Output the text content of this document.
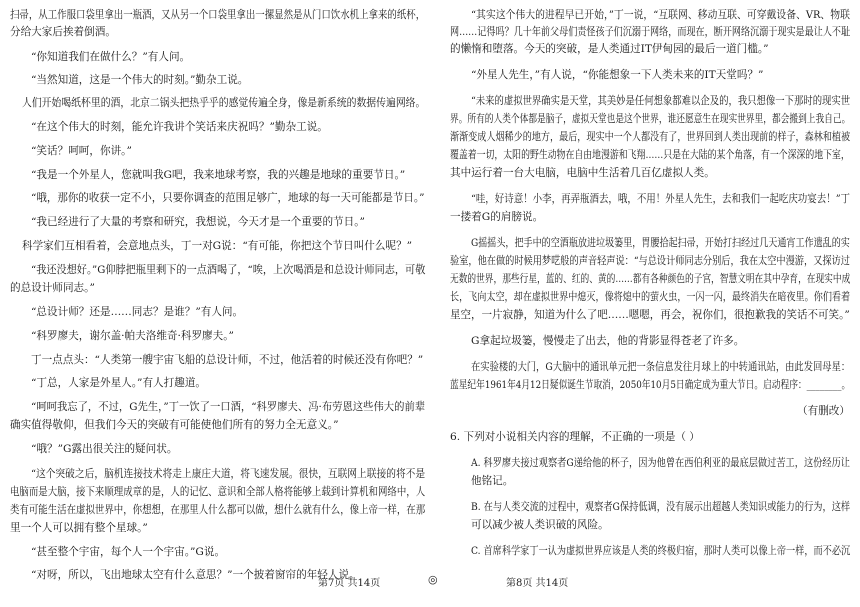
扫帚，从工作服口袋里拿出一瓶酒，又从另一个口袋里拿出一摞显然是从门口饮水机上拿来的纸杯，
分给大家后挨着倒酒。
“你知道我们在做什么？”有人问。
“当然知道，这是一个伟大的时刻。”勤杂工说。
人们开始喝纸杯里的酒，北京二锅头把热乎乎的感觉传遍全身，像是新系统的数据传遍网络。
“在这个伟大的时刻，能允许我讲个笑话来庆祝吗？”勤杂工说。
“笑话？呵呵，你讲。”
“我是一个外星人，您就叫我G吧，我来地球考察，我的兴趣是地球的重要节日。”
“哦，那你的收获一定不小，只要你调查的范围足够广，地球的每一天可能都是节日。”
“我已经进行了大量的考察和研究，我想说，今天才是一个重要的节日。”
科学家们互相看着，会意地点头，丁一对G说：“有可能，你把这个节日叫什么呢？”
“我还没想好。”G仰脖把瓶里剩下的一点酒喝了，“唉，上次喝酒是和总设计师同志，可敬
的总设计师同志。”
“总设计师？还是……同志？是谁？”有人问。
“科罗廖夫，谢尔盖·帕夫洛维奇·科罗廖夫。”
丁一点点头：“人类第一艘宇宙飞船的总设计师，不过，他活着的时候还没有你吧？”
“丁总，人家是外星人。”有人打趣道。
“呵呵我忘了，不过，G先生，”丁一饮了一口酒，“科罗廖夫、冯·布劳恩这些伟大的前辈
确实值得敬仰，但我们今天的突破有可能使他们所有的努力全无意义。”
“哦？”G露出很关注的疑问状。
“这个突破之后，脑机连接技术将走上康庄大道，将飞速发展。很快，互联网上联接的将不是
电脑而是大脑，接下来顺理成章的是，人的记忆、意识和全部人格将能够上载到计算机和网络中，人
类有可能生活在虚拟世界中，你想想，在那里人什么都可以做，想什么就有什么，像上帝一样，在那
里一个人可以拥有整个星球。”
“甚至整个宇宙，每个人一个宇宙。”G说。
“对呀，所以，飞出地球太空有什么意思？”一个披着窗帘的年轻人说。
“其实这个伟大的进程早已开始，”丁一说，“互联网、移动互联、可穿戴设备、VR、物联
网……记得吗？几十年前父母们责怪孩子们沉溺于网络，而现在，断开网络沉溺于现实是最让人不耻
的懒惰和堕落。今天的突破，是人类通过IT伊甸园的最后一道门槛。”
“外星人先生，”有人说，“你能想象一下人类未来的IT天堂吗？”
“未来的虚拟世界确实是天堂，其美妙是任何想象都难以企及的，我只想像一下那时的现实世
界。所有的人类个体都是脑子，虚拟天堂也是这个世界，谁还愿意生在现实世界里，都会搬到上我自己。
渐渐变成人烟稀少的地方，最后，现实中一个人都没有了，世界回到人类出现前的样子，森林和植被
覆盖着一切，太阳的野生动物在自由地漫游和飞翔……只是在大陆的某个角落，有一个深深的地下室，
其中运行着一台大电脑，电脑中生活着几百亿虚拟人类。
“哇，好诗意！小李，再弄瓶酒去，哦，不用！外星人先生，去和我们一起吃庆功宴去！”丁
一搂着G的肩膀说。
G摇摇头，把手中的空酒瓶放进垃圾篓里，胃腰拾起扫帚，开始打扫经过几天通宵工作遗乱的实
验室，他在做的时候用梦呓般的声音轻声说：“与总设计师同志分别后，我在太空中漫游，又探访过
无数的世界，那些行星，蓝的、红的、黄的……都有各种颜色的子宫，智慧文明在其中孕育，在现实中成
长，飞向太空，却在虚拟世界中熄灭，像将熄中的萤火虫，一闪一闪，最终消失在暗夜里。你们看着
星空，一片寂静，知道为什么了吧……嗯嗯，再会，祝你们，很抱歉我的笑话不可笑。”
G拿起垃圾篓，慢慢走了出去，他的背影显得苍老了许多。
在实验楼的大门，G大脑中的通讯单元把一条信息发往月球上的中转通讯站，由此发回母星：
蓝星纪年1961年4月12日疑似诞生节取消，2050年10月5日确定成为重大节日。启动程序：________。
（有删改）
6. 下列对小说相关内容的理解，不正确的一项是（ ）
A. 科罗廖夫接过观察者G递给他的杯子，因为他曾在西伯利亚的最底层做过苦工，这份经历让
他铭记。
B. 在与人类交流的过程中，观察者G保持低调，没有展示出超越人类知识或能力的行为，这样
可以减少被人类识破的风险。
C. 首席科学家丁一认为虚拟世界应该是人类的终极归宿，那时人类可以像上帝一样，而不必沉
第7页 共14页	◎	第8页 共14页
